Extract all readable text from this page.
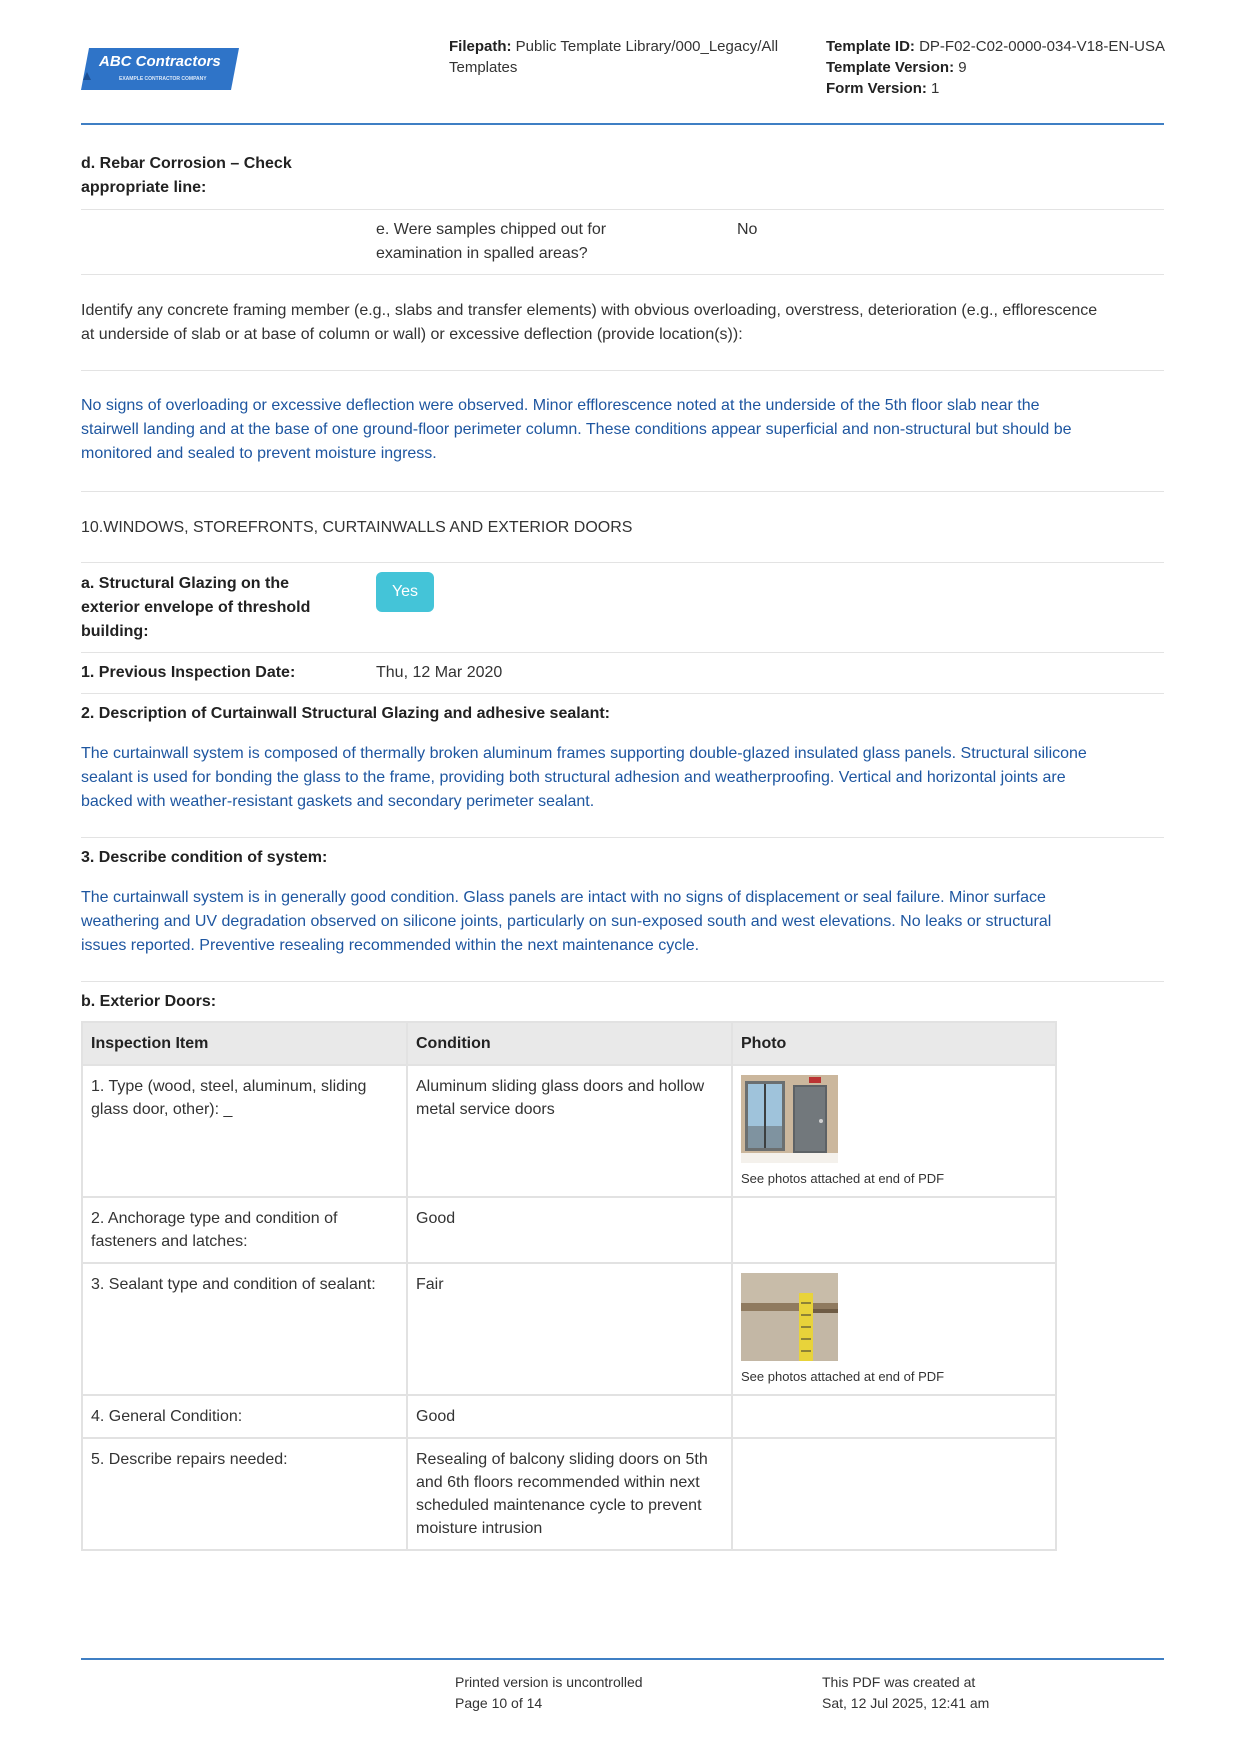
ABC Contractors
EXAMPLE CONTRACTOR COMPANY
Filepath: Public Template Library/000_Legacy/All
Templates
Template ID: DP-F02-C02-0000-034-V18-EN-USA
Template Version: 9
Form Version: 1
d. Rebar Corrosion – Check
appropriate line:
e. Were samples chipped out for
examination in spalled areas?
No
Identify any concrete framing member (e.g., slabs and transfer elements) with obvious overloading, overstress, deterioration (e.g., efflorescence
at underside of slab or at base of column or wall) or excessive deflection (provide location(s)):
No signs of overloading or excessive deflection were observed. Minor efflorescence noted at the underside of the 5th floor slab near the
stairwell landing and at the base of one ground-floor perimeter column. These conditions appear superficial and non-structural but should be
monitored and sealed to prevent moisture ingress.
10.WINDOWS, STOREFRONTS, CURTAINWALLS AND EXTERIOR DOORS
a. Structural Glazing on the
exterior envelope of threshold
building:
Yes
1. Previous Inspection Date:	Thu, 12 Mar 2020
2. Description of Curtainwall Structural Glazing and adhesive sealant:
The curtainwall system is composed of thermally broken aluminum frames supporting double-glazed insulated glass panels. Structural silicone
sealant is used for bonding the glass to the frame, providing both structural adhesion and weatherproofing. Vertical and horizontal joints are
backed with weather-resistant gaskets and secondary perimeter sealant.
3. Describe condition of system:
The curtainwall system is in generally good condition. Glass panels are intact with no signs of displacement or seal failure. Minor surface
weathering and UV degradation observed on silicone joints, particularly on sun-exposed south and west elevations. No leaks or structural
issues reported. Preventive resealing recommended within the next maintenance cycle.
b. Exterior Doors:
Inspection Item	Condition	Photo
1. Type (wood, steel, aluminum, sliding glass door, other): _	Aluminum sliding glass doors and hollow metal service doors	See photos attached at end of PDF

2. Anchorage type and condition of fasteners and latches:	Good	
3. Sealant type and condition of sealant:	Fair	See photos attached at end of PDF

4. General Condition:	Good	
5. Describe repairs needed:	Resealing of balcony sliding doors on 5th and 6th floors recommended within next scheduled maintenance cycle to prevent moisture intrusion	
Printed version is uncontrolled
Page 10 of 14
This PDF was created at
Sat, 12 Jul 2025, 12:41 am
